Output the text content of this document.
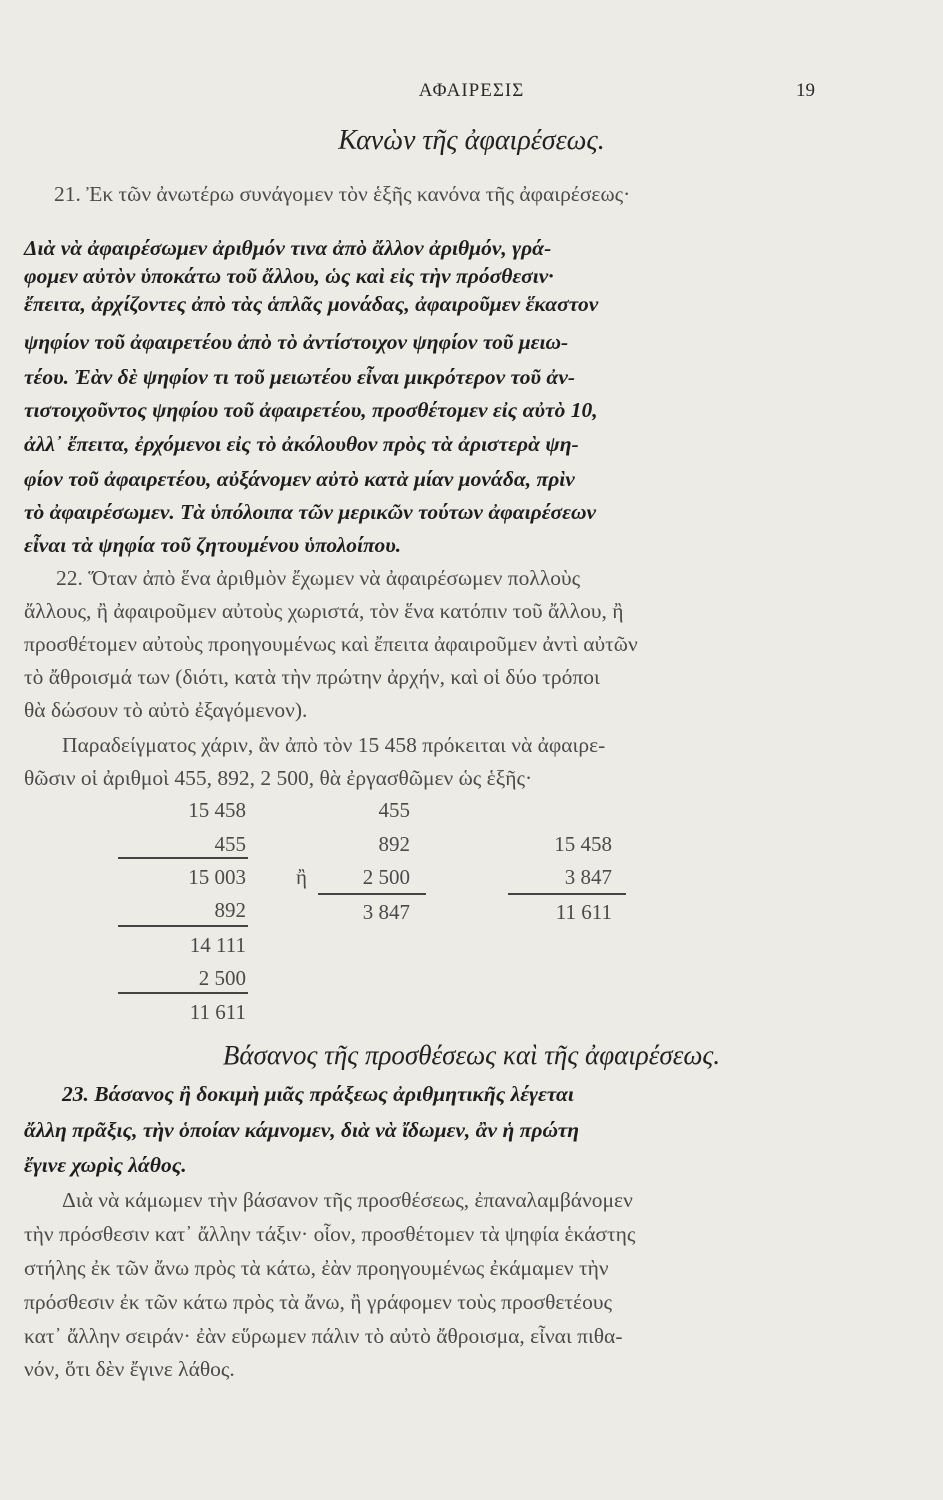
ΑΦΑΙΡΕΣΙΣ	19
Κανὼν τῆς ἀφαιρέσεως.
21. Ἐκ τῶν ἀνωτέρω συνάγομεν τὸν ἑξῆς κανόνα τῆς ἀφαιρέσεως·
Διὰ νὰ ἀφαιρέσωμεν ἀριθμόν τινα ἀπὸ ἄλλον ἀριθμόν, γρά-
φομεν αὐτὸν ὑποκάτω τοῦ ἄλλου, ὡς καὶ εἰς τὴν πρόσθεσιν·
ἔπειτα, ἀρχίζοντες ἀπὸ τὰς ἁπλᾶς μονάδας, ἀφαιροῦμεν ἕκαστον
ψηφίον τοῦ ἀφαιρετέου ἀπὸ τὸ ἀντίστοιχον ψηφίον τοῦ μειω-
τέου. Ἐὰν δὲ ψηφίον τι τοῦ μειωτέου εἶναι μικρότερον τοῦ ἀν-
τιστοιχοῦντος ψηφίου τοῦ ἀφαιρετέου, προσθέτομεν εἰς αὐτὸ 10,
ἀλλ᾽ ἔπειτα, ἐρχόμενοι εἰς τὸ ἀκόλουθον πρὸς τὰ ἀριστερὰ ψη-
φίον τοῦ ἀφαιρετέου, αὐξάνομεν αὐτὸ κατὰ μίαν μονάδα, πρὶν
τὸ ἀφαιρέσωμεν. Τὰ ὑπόλοιπα τῶν μερικῶν τούτων ἀφαιρέσεων
εἶναι τὰ ψηφία τοῦ ζητουμένου ὑπολοίπου.
22. Ὅταν ἀπὸ ἕνα ἀριθμὸν ἔχωμεν νὰ ἀφαιρέσωμεν πολλοὺς
ἄλλους, ἢ ἀφαιροῦμεν αὐτοὺς χωριστά, τὸν ἕνα κατόπιν τοῦ ἄλλου, ἢ
προσθέτομεν αὐτοὺς προηγουμένως καὶ ἔπειτα ἀφαιροῦμεν ἀντὶ αὐτῶν
τὸ ἄθροισμά των (διότι, κατὰ τὴν πρώτην ἀρχήν, καὶ οἱ δύο τρόποι
θὰ δώσουν τὸ αὐτὸ ἐξαγόμενον).
Παραδείγματος χάριν, ἂν ἀπὸ τὸν 15 458 πρόκειται νὰ ἀφαιρε-
θῶσιν οἱ ἀριθμοὶ 455, 892, 2 500, θὰ ἐργασθῶμεν ὡς ἑξῆς·
15 458
455
15 003
892
14 111
2 500
11 611
ἢ
455
892
2 500
3 847
15 458
3 847
11 611
Βάσανος τῆς προσθέσεως καὶ τῆς ἀφαιρέσεως.
23. Βάσανος ἢ δοκιμὴ μιᾶς πράξεως ἀριθμητικῆς λέγεται
ἄλλη πρᾶξις, τὴν ὁποίαν κάμνομεν, διὰ νὰ ἴδωμεν, ἂν ἡ πρώτη
ἔγινε χωρὶς λάθος.
Διὰ νὰ κάμωμεν τὴν βάσανον τῆς προσθέσεως, ἐπαναλαμβάνομεν
τὴν πρόσθεσιν κατ᾽ ἄλλην τάξιν· οἷον, προσθέτομεν τὰ ψηφία ἑκάστης
στήλης ἐκ τῶν ἄνω πρὸς τὰ κάτω, ἐὰν προηγουμένως ἐκάμαμεν τὴν
πρόσθεσιν ἐκ τῶν κάτω πρὸς τὰ ἄνω, ἢ γράφομεν τοὺς προσθετέους
κατ᾽ ἄλλην σειράν· ἐὰν εὕρωμεν πάλιν τὸ αὐτὸ ἄθροισμα, εἶναι πιθα-
νόν, ὅτι δὲν ἔγινε λάθος.
